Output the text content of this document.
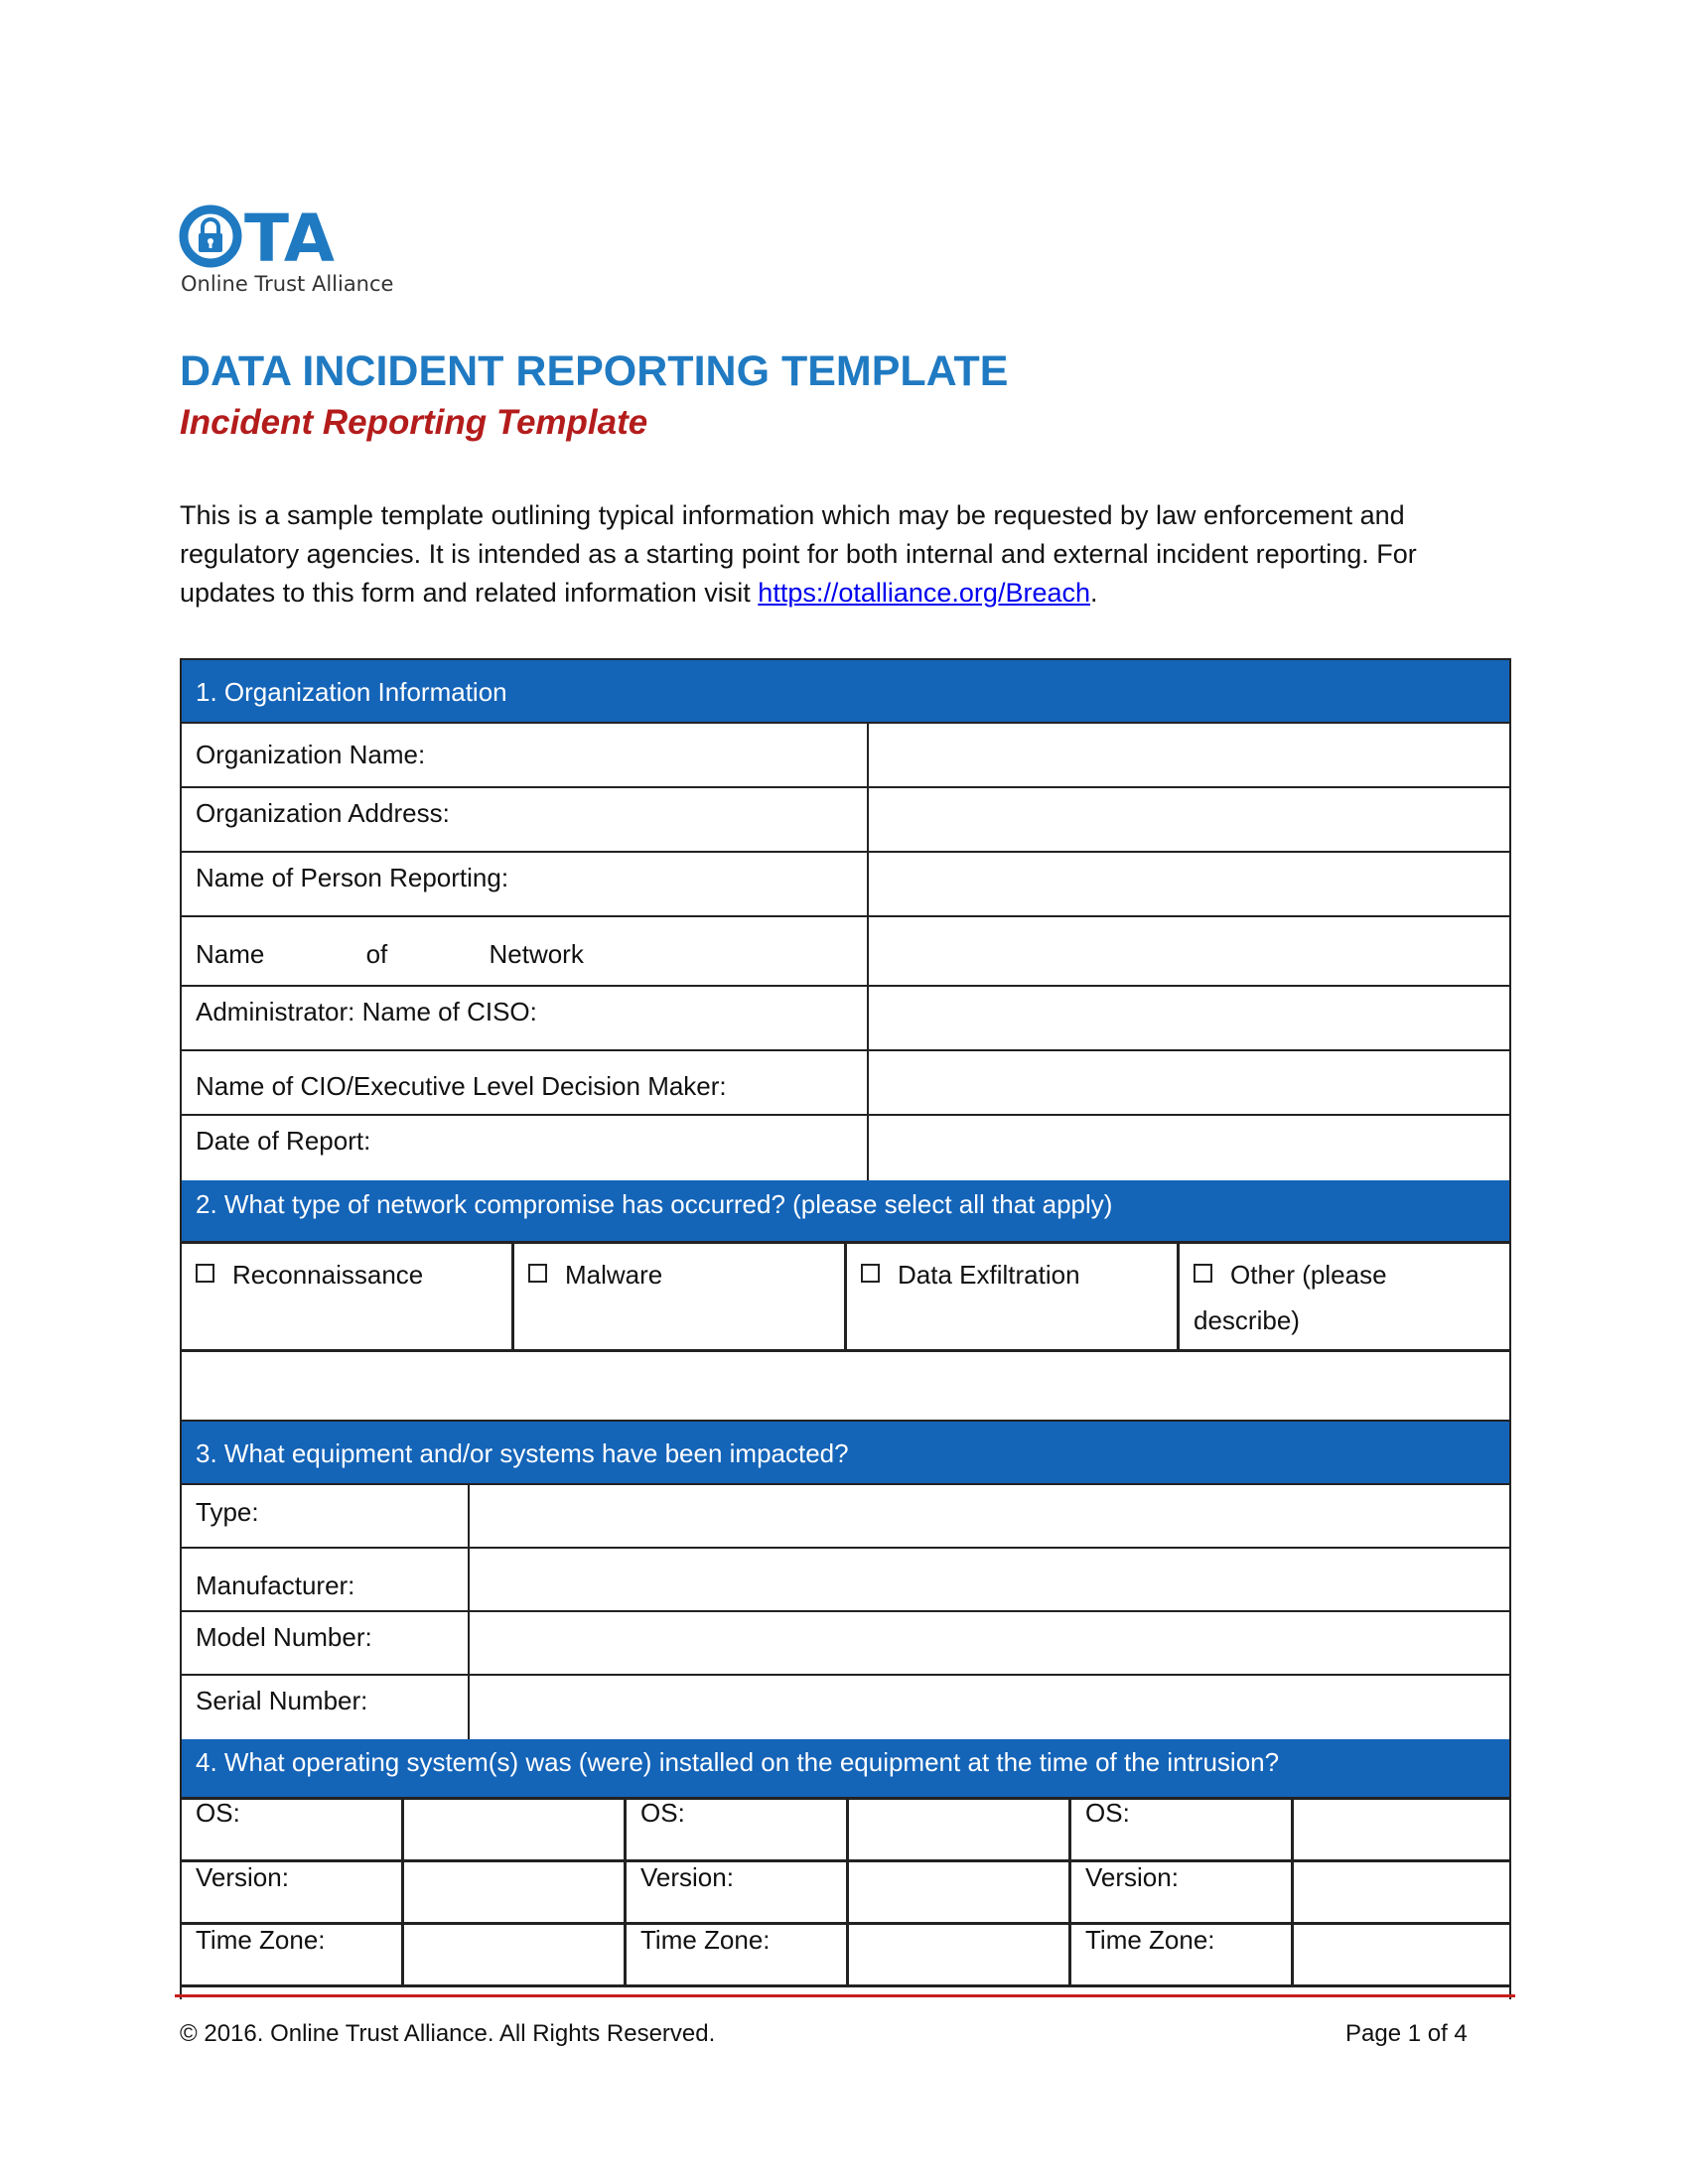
TA
Online Trust Alliance
DATA INCIDENT REPORTING TEMPLATE
Incident Reporting Template

This is a sample template outlining typical information which may be requested by law enforcement and regulatory agencies. It is intended as a starting point for both internal and external incident reporting. For updates to this form and related information visit https://otalliance.org/Breach.

1. Organization Information
Organization Name:
Organization Address:
Name of Person Reporting:
Name of Network
Administrator: Name of CISO:
Name of CIO/Executive Level Decision Maker:
Date of Report:
2. What type of network compromise has occurred? (please select all that apply)
Reconnaissance	Malware	Data Exfiltration	Other (please describe)
3. What equipment and/or systems have been impacted?
Type:
Manufacturer:
Model Number:
Serial Number:
4. What operating system(s) was (were) installed on the equipment at the time of the intrusion?
OS:	OS:	OS:
Version:	Version:	Version:
Time Zone:	Time Zone:	Time Zone:
© 2016. Online Trust Alliance. All Rights Reserved.	Page 1 of 4
